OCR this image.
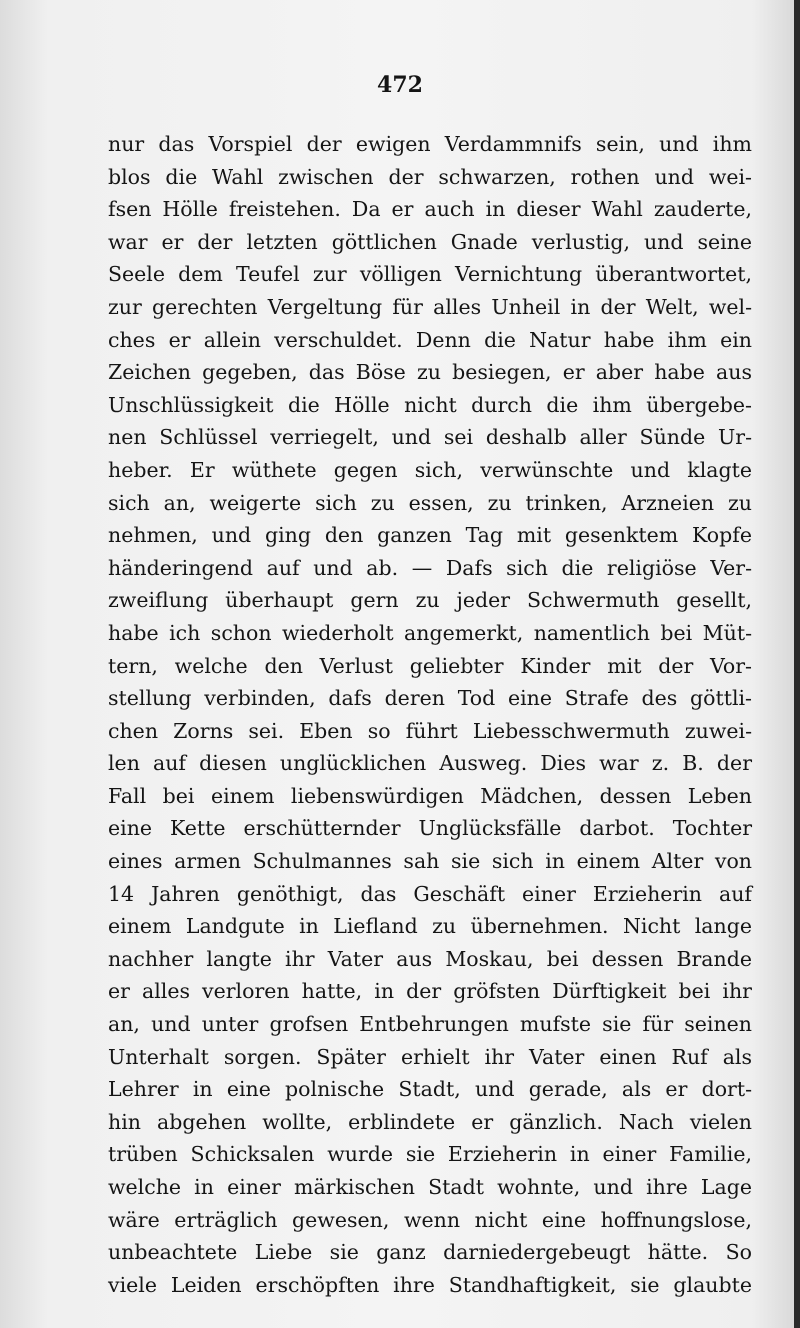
472
nur das Vorspiel der ewigen Verdammnifs sein, und ihm
blos die Wahl zwischen der schwarzen, rothen und wei-
fsen Hölle freistehen. Da er auch in dieser Wahl zauderte,
war er der letzten göttlichen Gnade verlustig, und seine
Seele dem Teufel zur völligen Vernichtung überantwortet,
zur gerechten Vergeltung für alles Unheil in der Welt, wel-
ches er allein verschuldet. Denn die Natur habe ihm ein
Zeichen gegeben, das Böse zu besiegen, er aber habe aus
Unschlüssigkeit die Hölle nicht durch die ihm übergebe-
nen Schlüssel verriegelt, und sei deshalb aller Sünde Ur-
heber. Er wüthete gegen sich, verwünschte und klagte
sich an, weigerte sich zu essen, zu trinken, Arzneien zu
nehmen, und ging den ganzen Tag mit gesenktem Kopfe
händeringend auf und ab. — Dafs sich die religiöse Ver-
zweiflung überhaupt gern zu jeder Schwermuth gesellt,
habe ich schon wiederholt angemerkt, namentlich bei Müt-
tern, welche den Verlust geliebter Kinder mit der Vor-
stellung verbinden, dafs deren Tod eine Strafe des göttli-
chen Zorns sei. Eben so führt Liebesschwermuth zuwei-
len auf diesen unglücklichen Ausweg. Dies war z. B. der
Fall bei einem liebenswürdigen Mädchen, dessen Leben
eine Kette erschütternder Unglücksfälle darbot. Tochter
eines armen Schulmannes sah sie sich in einem Alter von
14 Jahren genöthigt, das Geschäft einer Erzieherin auf
einem Landgute in Liefland zu übernehmen. Nicht lange
nachher langte ihr Vater aus Moskau, bei dessen Brande
er alles verloren hatte, in der gröfsten Dürftigkeit bei ihr
an, und unter grofsen Entbehrungen mufste sie für seinen
Unterhalt sorgen. Später erhielt ihr Vater einen Ruf als
Lehrer in eine polnische Stadt, und gerade, als er dort-
hin abgehen wollte, erblindete er gänzlich. Nach vielen
trüben Schicksalen wurde sie Erzieherin in einer Familie,
welche in einer märkischen Stadt wohnte, und ihre Lage
wäre erträglich gewesen, wenn nicht eine hoffnungslose,
unbeachtete Liebe sie ganz darniedergebeugt hätte. So
viele Leiden erschöpften ihre Standhaftigkeit, sie glaubte
